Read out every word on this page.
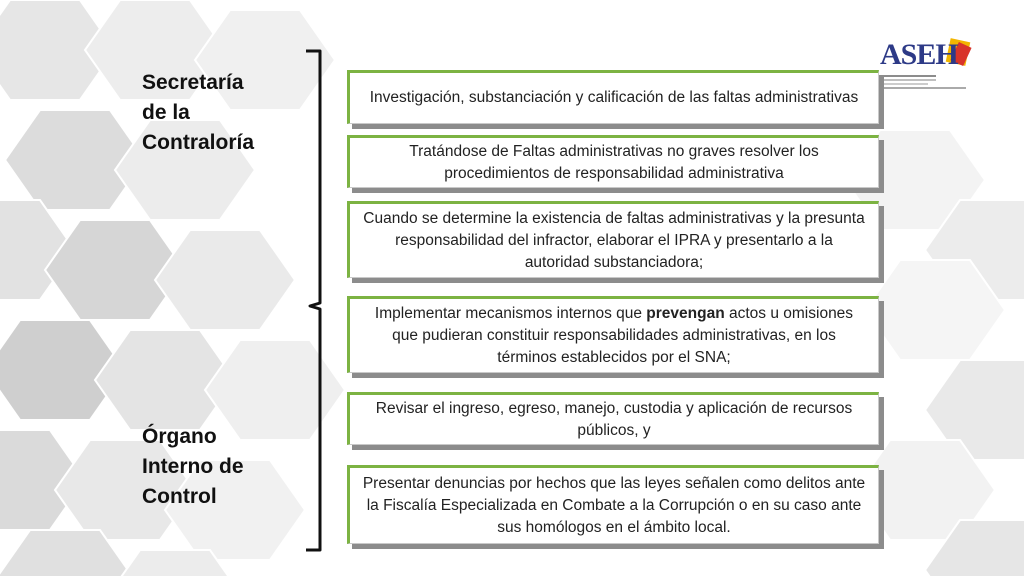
Secretaría
de la
Contraloría
Órgano
Interno de
Control
ASEH
Investigación, substanciación y calificación de las faltas administrativas
Tratándose de Faltas administrativas no graves resolver los procedimientos de responsabilidad administrativa
Cuando se determine la existencia de faltas administrativas y la presunta responsabilidad del infractor, elaborar el IPRA y presentarlo a la autoridad substanciadora;
Implementar mecanismos internos que prevengan actos u omisiones que pudieran constituir responsabilidades administrativas, en los términos establecidos por el SNA;
Revisar el ingreso, egreso, manejo, custodia y aplicación de recursos públicos, y
Presentar denuncias por hechos que las leyes señalen como delitos ante la Fiscalía Especializada en Combate a la Corrupción o en su caso ante sus homólogos en el ámbito local.
